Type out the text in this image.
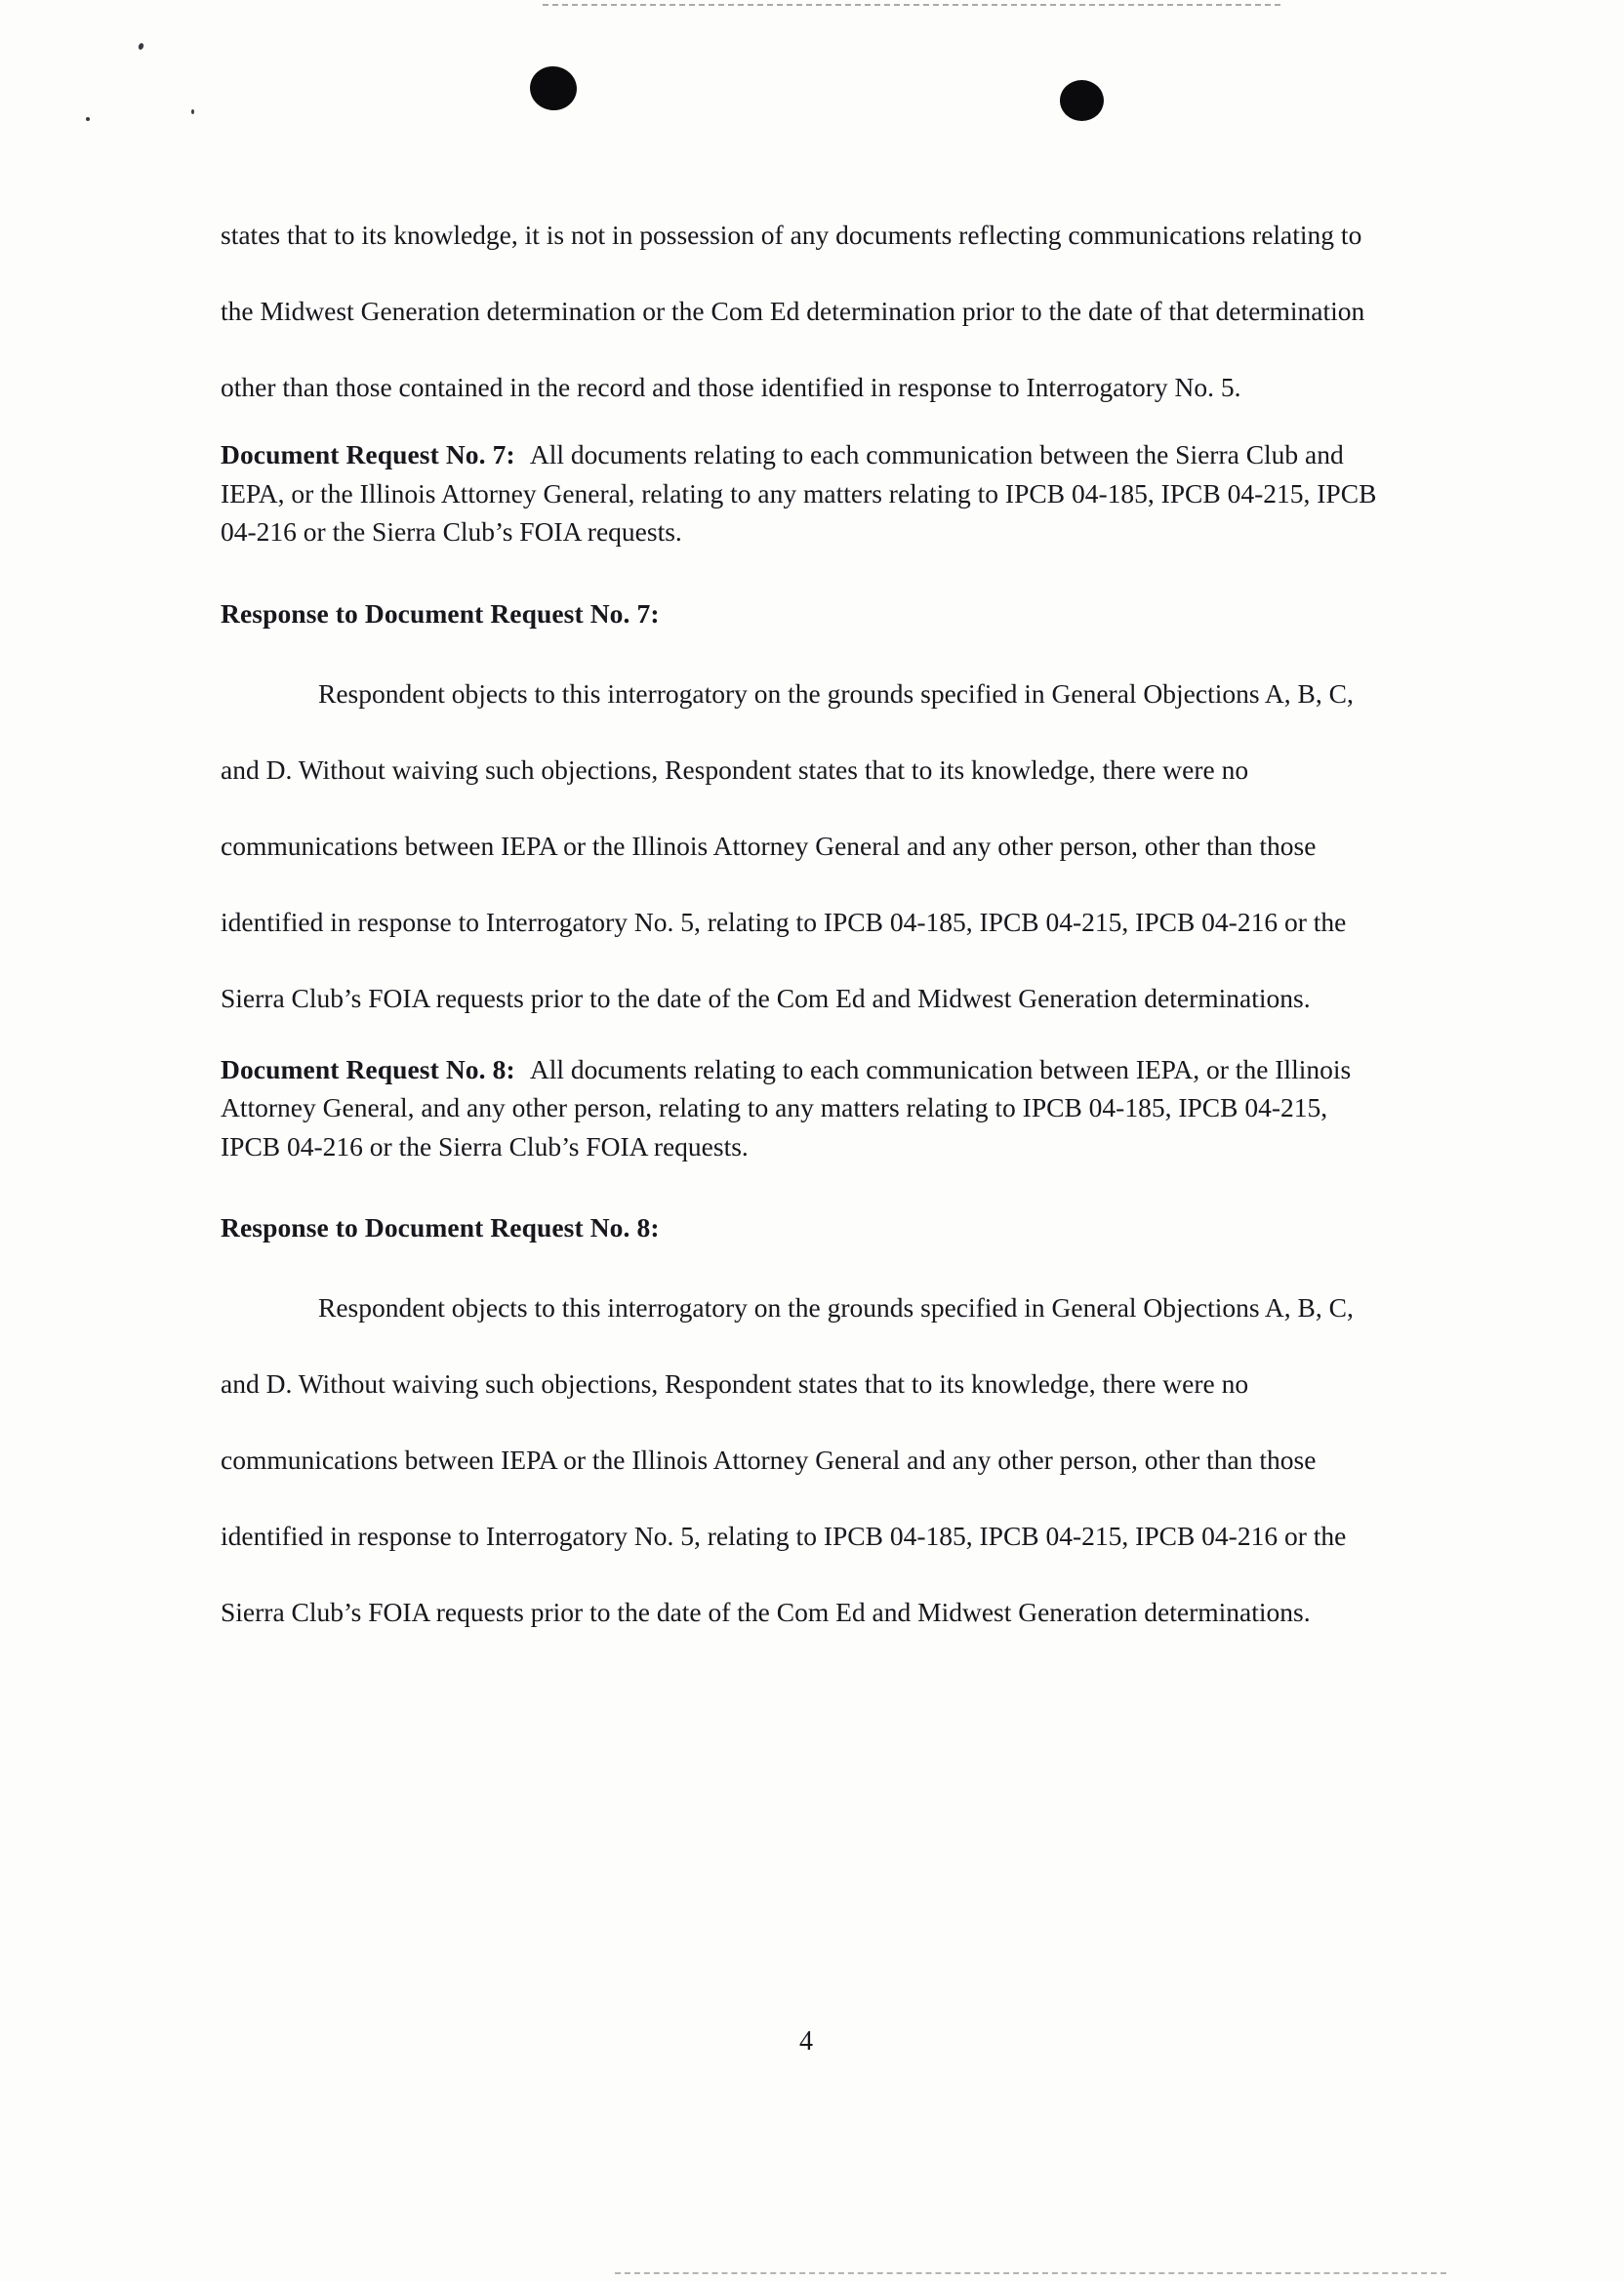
states that to its knowledge, it is not in possession of any documents reflecting communications relating to the Midwest Generation determination or the Com Ed determination prior to the date of that determination other than those contained in the record and those identified in response to Interrogatory No. 5.

Document Request No. 7: All documents relating to each communication between the Sierra Club and IEPA, or the Illinois Attorney General, relating to any matters relating to IPCB 04-185, IPCB 04-215, IPCB 04-216 or the Sierra Club’s FOIA requests.

Response to Document Request No. 7:

Respondent objects to this interrogatory on the grounds specified in General Objections A, B, C, and D. Without waiving such objections, Respondent states that to its knowledge, there were no communications between IEPA or the Illinois Attorney General and any other person, other than those identified in response to Interrogatory No. 5, relating to IPCB 04-185, IPCB 04-215, IPCB 04-216 or the Sierra Club’s FOIA requests prior to the date of the Com Ed and Midwest Generation determinations.

Document Request No. 8: All documents relating to each communication between IEPA, or the Illinois Attorney General, and any other person, relating to any matters relating to IPCB 04-185, IPCB 04-215, IPCB 04-216 or the Sierra Club’s FOIA requests.

Response to Document Request No. 8:

Respondent objects to this interrogatory on the grounds specified in General Objections A, B, C, and D. Without waiving such objections, Respondent states that to its knowledge, there were no communications between IEPA or the Illinois Attorney General and any other person, other than those identified in response to Interrogatory No. 5, relating to IPCB 04-185, IPCB 04-215, IPCB 04-216 or the Sierra Club’s FOIA requests prior to the date of the Com Ed and Midwest Generation determinations.

4
